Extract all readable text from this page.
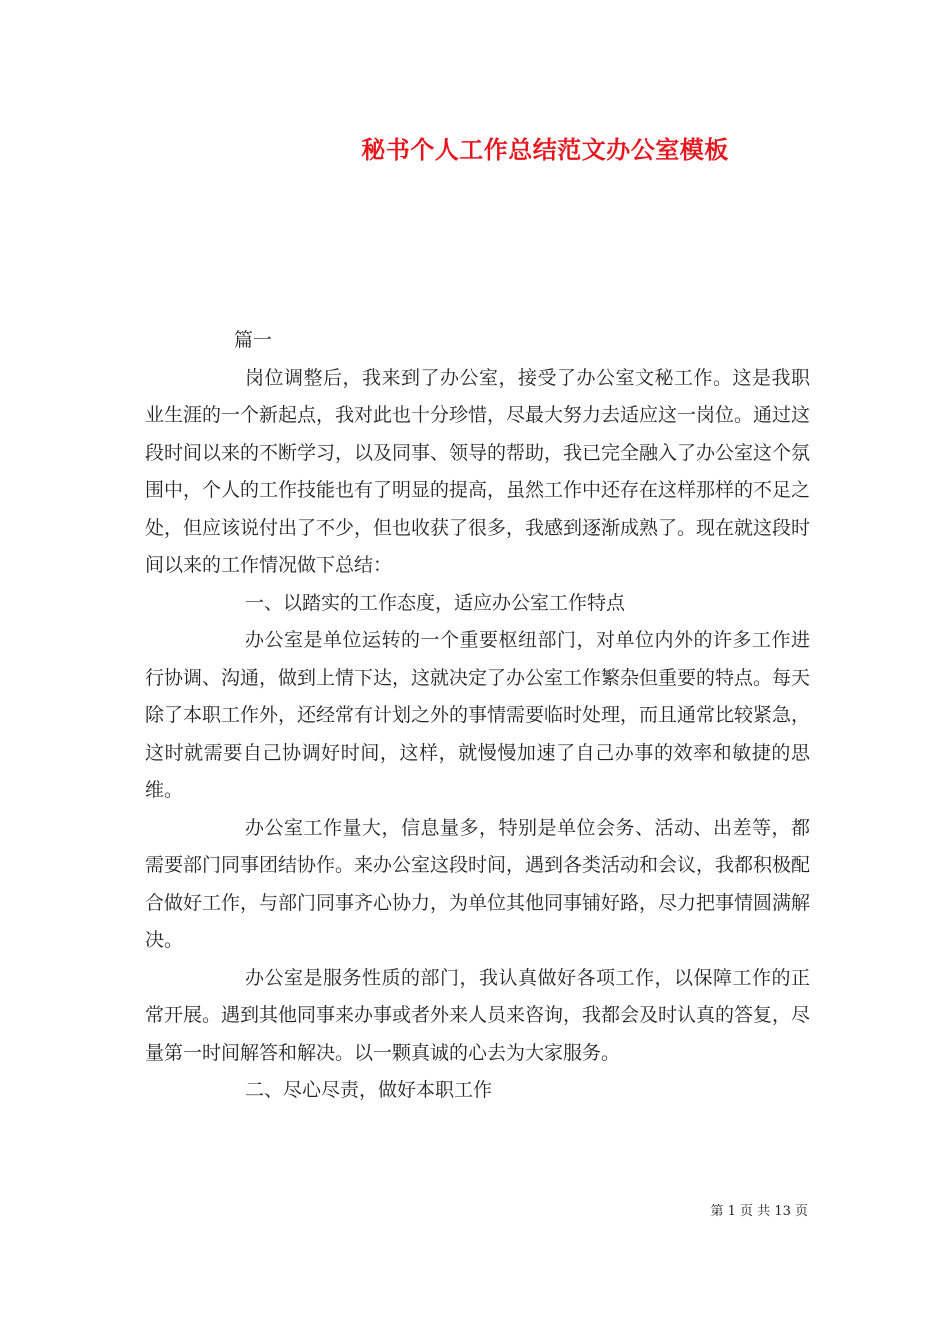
秘书个人工作总结范文办公室模板

篇一

岗位调整后，我来到了办公室，接受了办公室文秘工作。这是我职业生涯的一个新起点，我对此也十分珍惜，尽最大努力去适应这一岗位。通过这段时间以来的不断学习，以及同事、领导的帮助，我已完全融入了办公室这个氛围中，个人的工作技能也有了明显的提高，虽然工作中还存在这样那样的不足之处，但应该说付出了不少，但也收获了很多，我感到逐渐成熟了。现在就这段时间以来的工作情况做下总结：

一、以踏实的工作态度，适应办公室工作特点

办公室是单位运转的一个重要枢纽部门，对单位内外的许多工作进行协调、沟通，做到上情下达，这就决定了办公室工作繁杂但重要的特点。每天除了本职工作外，还经常有计划之外的事情需要临时处理，而且通常比较紧急，这时就需要自己协调好时间，这样，就慢慢加速了自己办事的效率和敏捷的思维。

办公室工作量大，信息量多，特别是单位会务、活动、出差等，都需要部门同事团结协作。来办公室这段时间，遇到各类活动和会议，我都积极配合做好工作，与部门同事齐心协力，为单位其他同事铺好路，尽力把事情圆满解决。

办公室是服务性质的部门，我认真做好各项工作，以保障工作的正常开展。遇到其他同事来办事或者外来人员来咨询，我都会及时认真的答复，尽量第一时间解答和解决。以一颗真诚的心去为大家服务。

二、尽心尽责，做好本职工作

第 1 页 共 13 页
